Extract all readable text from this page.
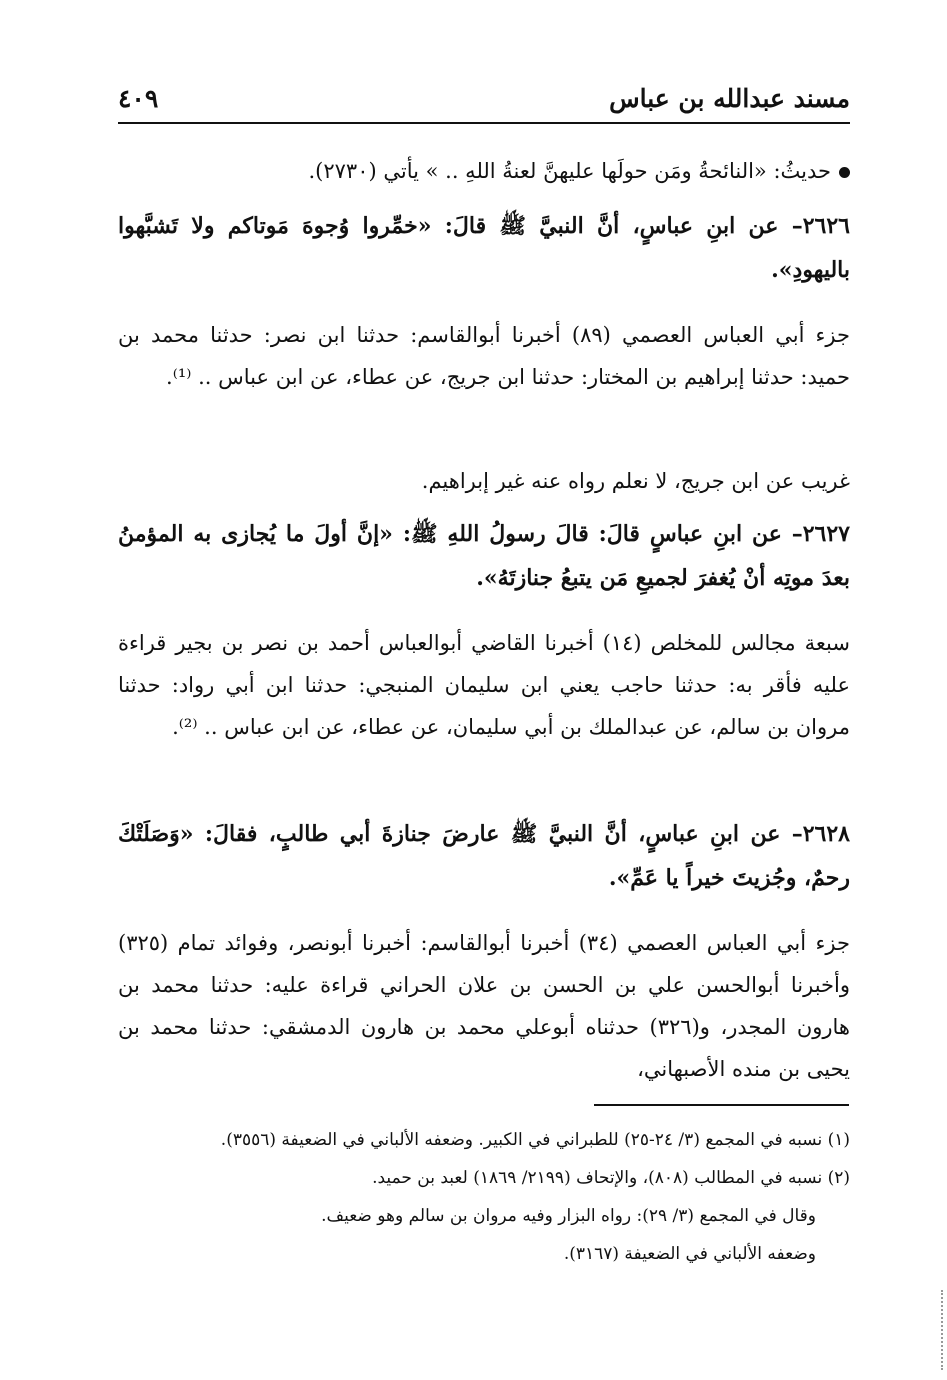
مسند عبدالله بن عباس
٤٠٩
حديثُ: «النائحةُ ومَن حولَها عليهنَّ لعنةُ اللهِ .. » يأتي (٢٧٣٠).
٢٦٢٦– عن ابنِ عباسٍ، أنَّ النبيَّ ﷺ قالَ: «خمِّروا وُجوهَ مَوتاكم ولا تَشبَّهوا باليهودِ».
جزء أبي العباس العصمي (٨٩) أخبرنا أبوالقاسم: حدثنا ابن نصر: حدثنا محمد بن حميد: حدثنا إبراهيم بن المختار: حدثنا ابن جريج، عن عطاء، عن ابن عباس .. ⁽¹⁾.
غريب عن ابن جريج، لا نعلم رواه عنه غير إبراهيم.
٢٦٢٧– عن ابنِ عباسٍ قالَ: قالَ رسولُ اللهِ ﷺ: «إنَّ أولَ ما يُجازى به المؤمنُ بعدَ موتِه أنْ يُغفرَ لجميعِ مَن يتبعُ جنازتَهُ».
سبعة مجالس للمخلص (١٤) أخبرنا القاضي أبوالعباس أحمد بن نصر بن بجير قراءة عليه فأقر به: حدثنا حاجب يعني ابن سليمان المنبجي: حدثنا ابن أبي رواد: حدثنا مروان بن سالم، عن عبدالملك بن أبي سليمان، عن عطاء، عن ابن عباس .. ⁽²⁾.
٢٦٢٨– عن ابنِ عباسٍ، أنَّ النبيَّ ﷺ عارضَ جنازةَ أبي طالبٍ، فقالَ: «وَصَلَتْكَ رحمٌ، وجُزيتَ خيراً يا عَمِّ».
جزء أبي العباس العصمي (٣٤) أخبرنا أبوالقاسم: أخبرنا أبونصر، وفوائد تمام (٣٢٥) وأخبرنا أبوالحسن علي بن الحسن بن علان الحراني قراءة عليه: حدثنا محمد بن هارون المجدر، و(٣٢٦) حدثناه أبوعلي محمد بن هارون الدمشقي: حدثنا محمد بن يحيى بن منده الأصبهاني،
(١) نسبه في المجمع (٣/ ٢٤-٢٥) للطبراني في الكبير. وضعفه الألباني في الضعيفة (٣٥٥٦).
(٢) نسبه في المطالب (٨٠٨)، والإتحاف (٢١٩٩/ ١٨٦٩) لعبد بن حميد.
وقال في المجمع (٣/ ٢٩): رواه البزار وفيه مروان بن سالم وهو ضعيف.
وضعفه الألباني في الضعيفة (٣١٦٧).
